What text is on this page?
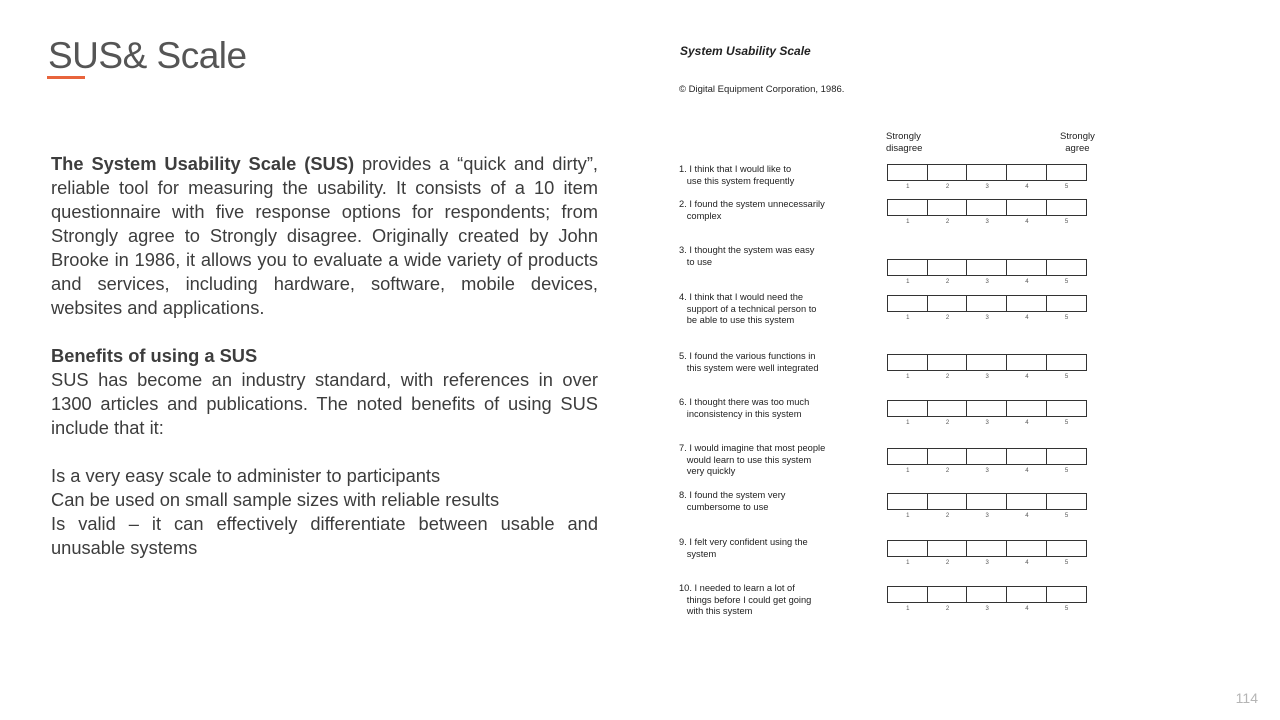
SUS& Scale

The System Usability Scale (SUS) provides a “quick and dirty”, reliable tool for measuring the usability. It consists of a 10 item questionnaire with five response options for respondents; from Strongly agree to Strongly disagree. Originally created by John Brooke in 1986, it allows you to evaluate a wide variety of products and services, including hardware, software, mobile devices, websites and applications.

Benefits of using a SUS

SUS has become an industry standard, with references in over 1300 articles and publications. The noted benefits of using SUS include that it:

Is a very easy scale to administer to participants

Can be used on small sample sizes with reliable results

Is valid – it can effectively differentiate between usable and unusable systems

System Usability Scale
© Digital Equipment Corporation, 1986.
Strongly
disagree
Strongly
agree
1. I think that I would like to
use this system frequently
1	2	3	4	5
2. I found the system unnecessarily
complex
1	2	3	4	5
3. I thought the system was easy
to use
1	2	3	4	5
4. I think that I would need the
support of a technical person to
be able to use this system	1	2	3	4	5
5. I found the various functions in
this system were well integrated
1	2	3	4	5
6. I thought there was too much
inconsistency in this system
1	2	3	4	5
7. I would imagine that most people
would learn to use this system
very quickly	1	2	3	4	5
8. I found the system very
cumbersome to use
1	2	3	4	5
9. I felt very confident using the
system
1	2	3	4	5
10. I needed to learn a lot of
things before I could get going
with this system	1	2	3	4	5
114
